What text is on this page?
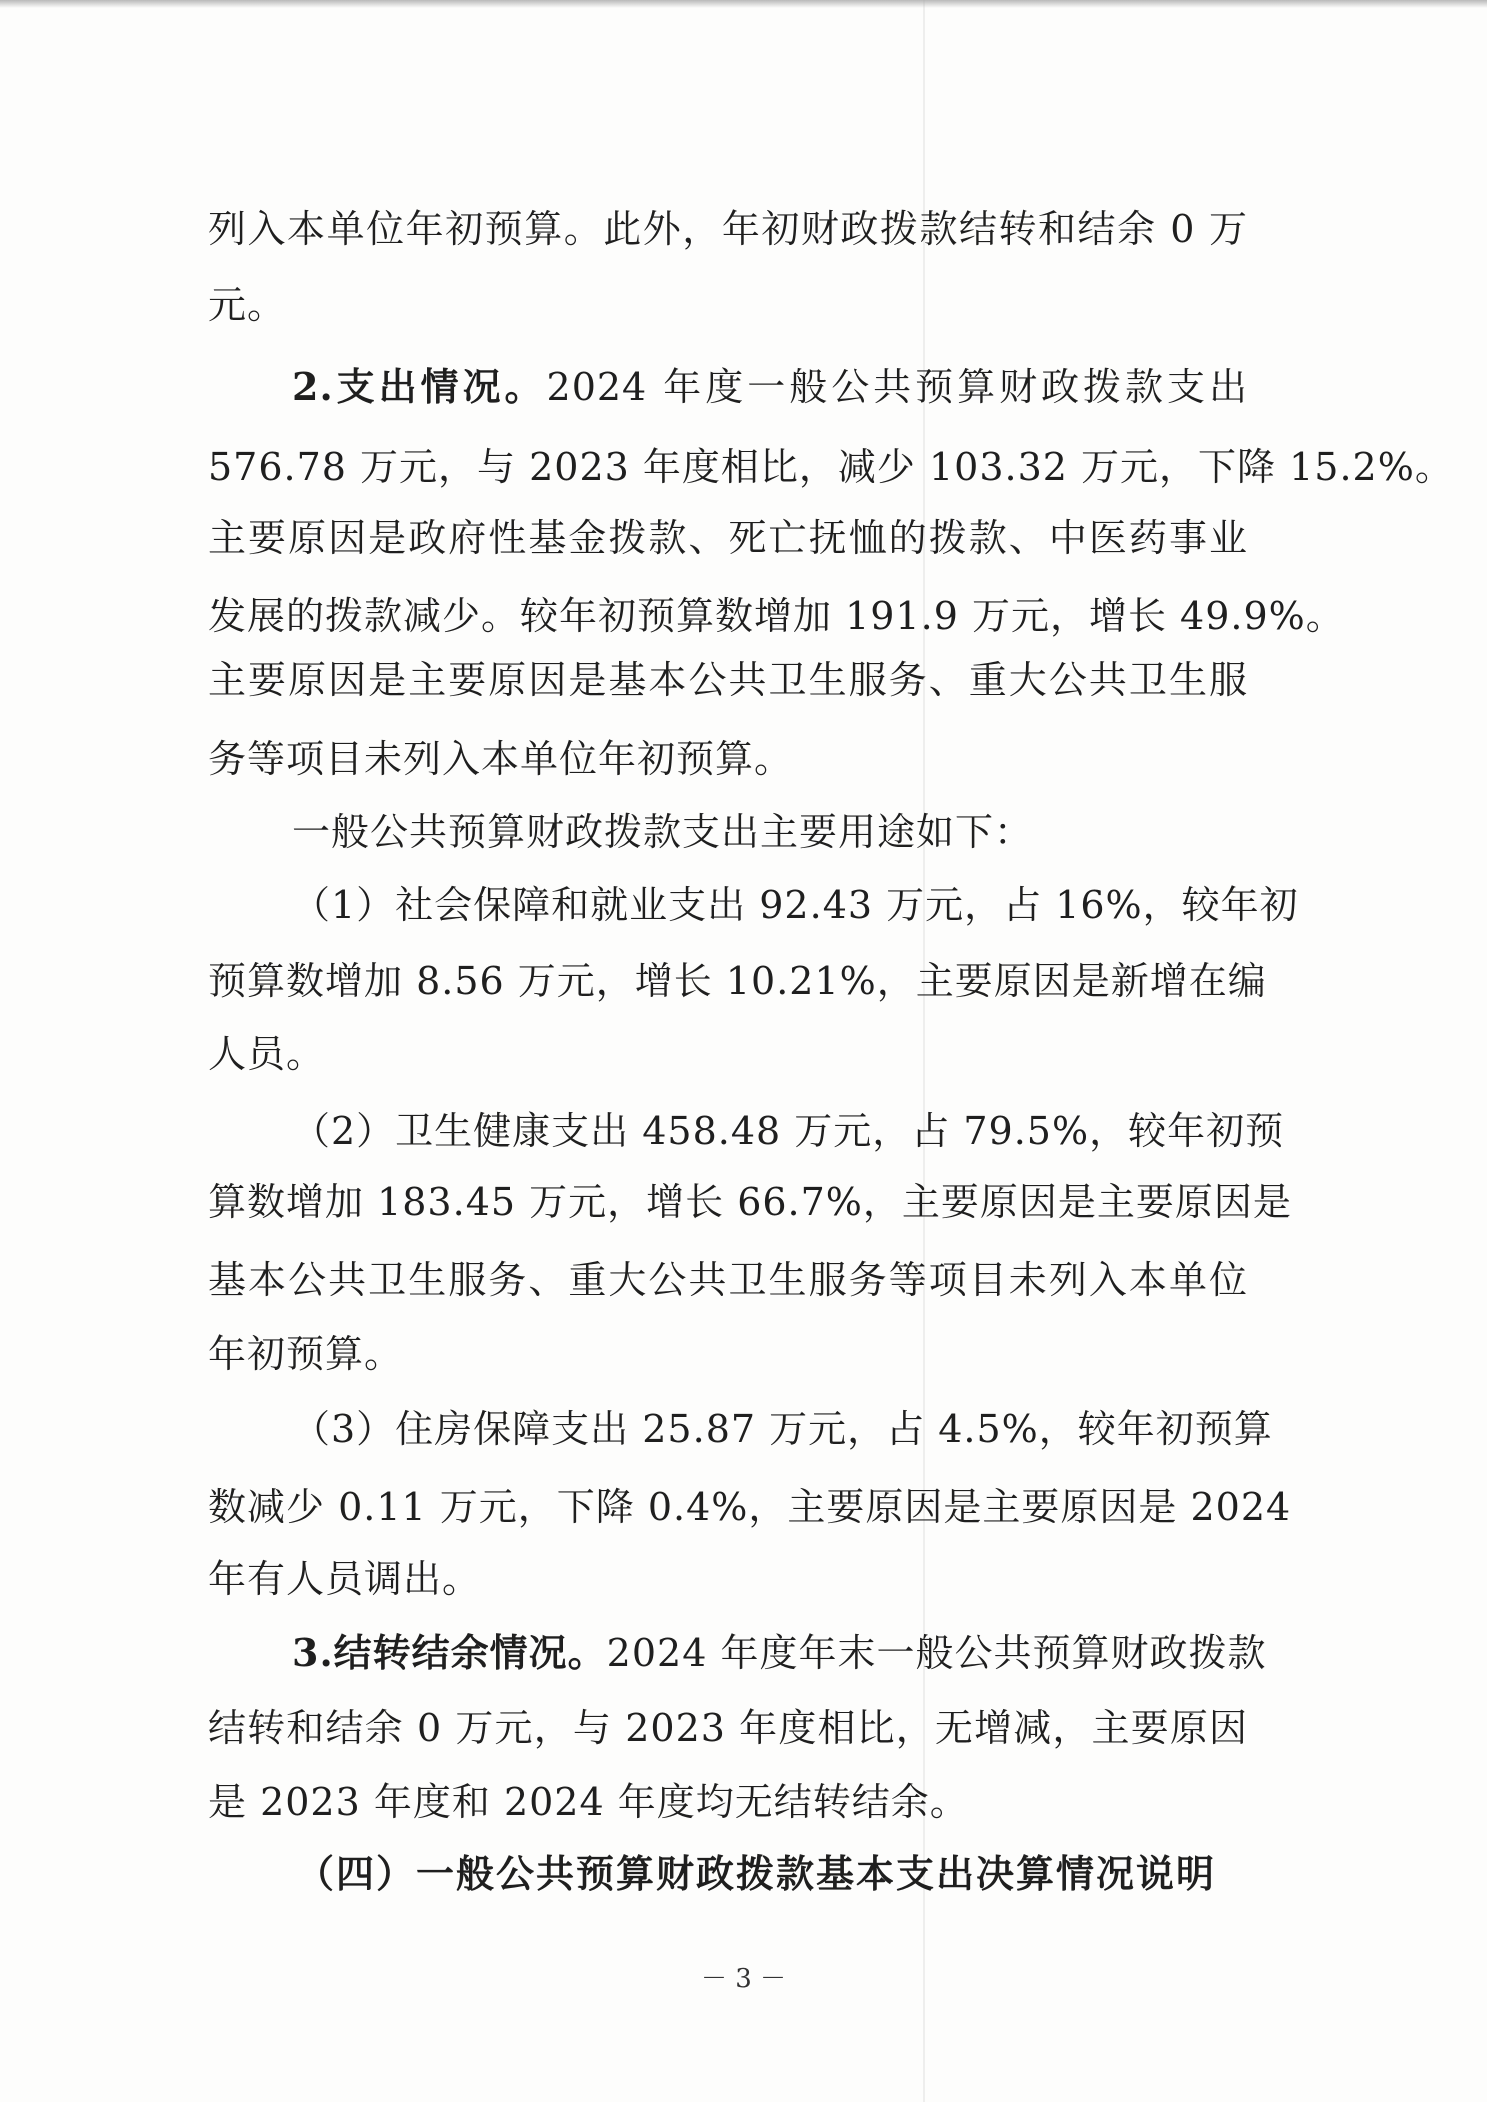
列入本单位年初预算。此外，年初财政拨款结转和结余 0 万
元。
2.支出情况。2024 年度一般公共预算财政拨款支出
576.78 万元，与 2023 年度相比，减少 103.32 万元，下降 15.2%。
主要原因是政府性基金拨款、死亡抚恤的拨款、中医药事业
发展的拨款减少。较年初预算数增加 191.9 万元，增长 49.9%。
主要原因是主要原因是基本公共卫生服务、重大公共卫生服
务等项目未列入本单位年初预算。
一般公共预算财政拨款支出主要用途如下：
（1）社会保障和就业支出 92.43 万元，占 16%，较年初
预算数增加 8.56 万元，增长 10.21%，主要原因是新增在编
人员。
（2）卫生健康支出 458.48 万元，占 79.5%，较年初预
算数增加 183.45 万元，增长 66.7%，主要原因是主要原因是
基本公共卫生服务、重大公共卫生服务等项目未列入本单位
年初预算。
（3）住房保障支出 25.87 万元，占 4.5%，较年初预算
数减少 0.11 万元，下降 0.4%，主要原因是主要原因是 2024
年有人员调出。
3.结转结余情况。2024 年度年末一般公共预算财政拨款
结转和结余 0 万元，与 2023 年度相比，无增减，主要原因
是 2023 年度和 2024 年度均无结转结余。
（四）一般公共预算财政拨款基本支出决算情况说明
－ 3 －
